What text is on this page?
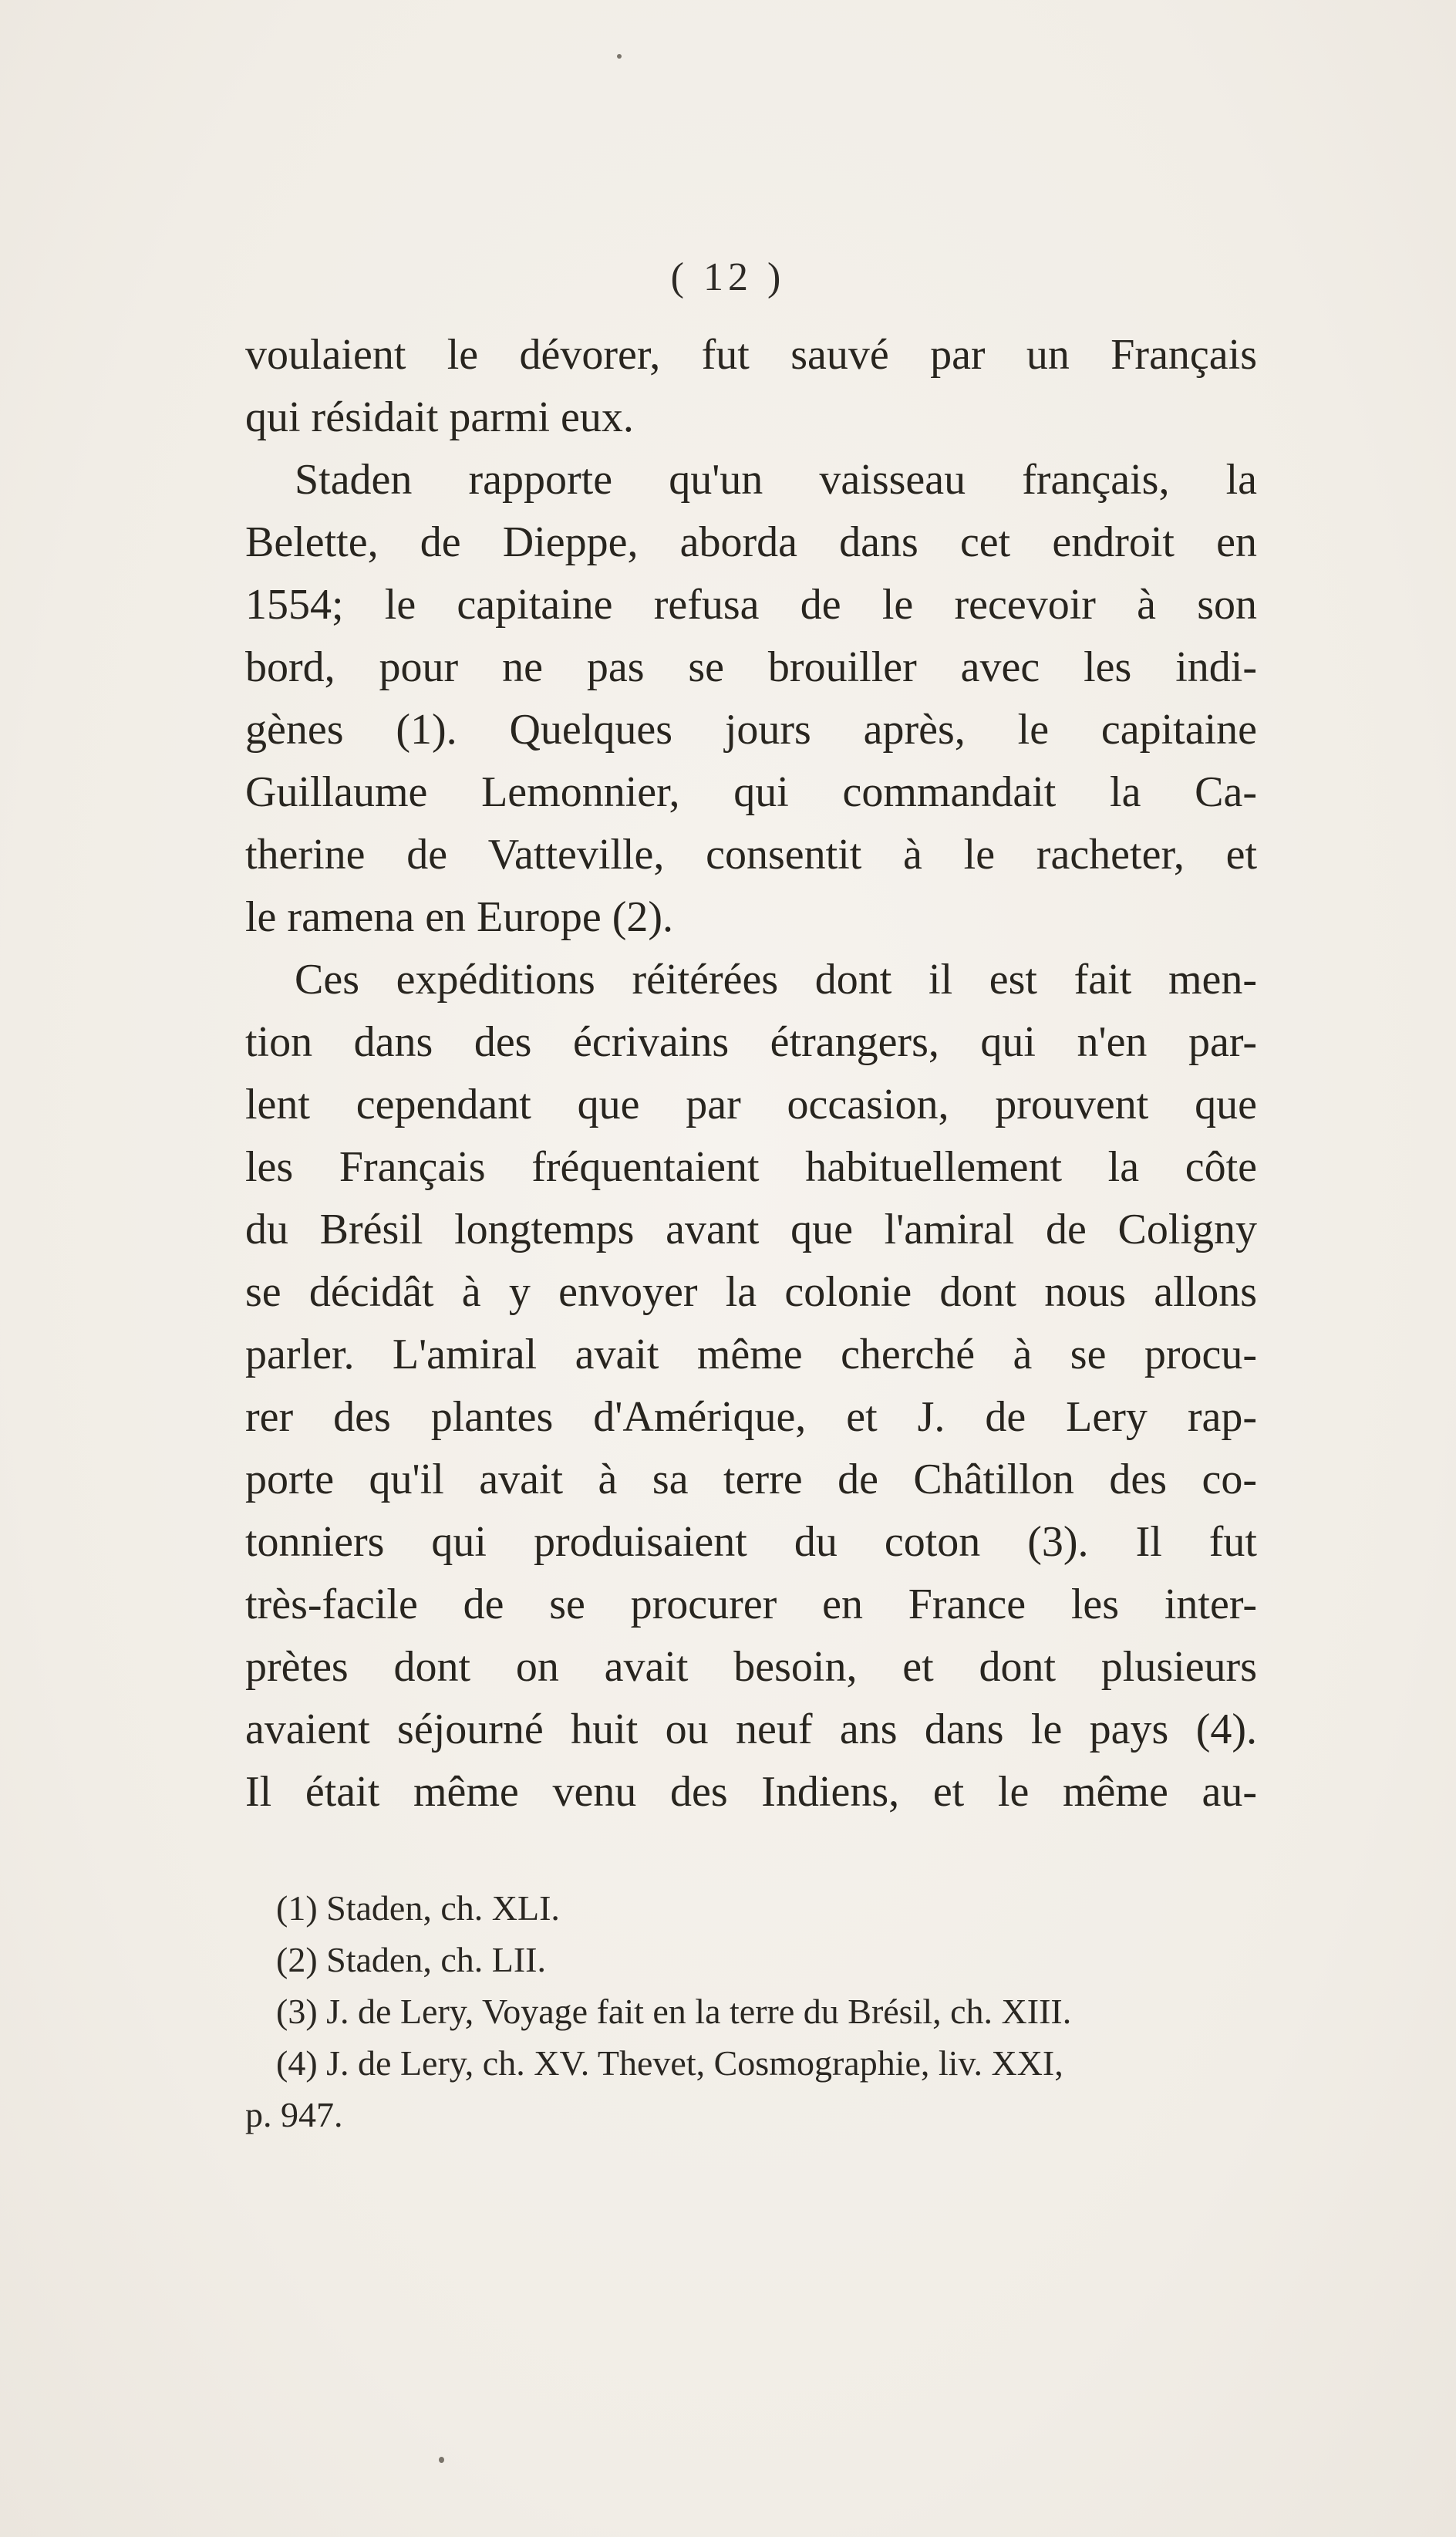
( 12 )
voulaient le dévorer, fut sauvé par un Français
qui résidait parmi eux.
Staden rapporte qu'un vaisseau français, la
Belette, de Dieppe, aborda dans cet endroit en
1554; le capitaine refusa de le recevoir à son
bord, pour ne pas se brouiller avec les indi-
gènes (1). Quelques jours après, le capitaine
Guillaume Lemonnier, qui commandait la Ca-
therine de Vatteville, consentit à le racheter, et
le ramena en Europe (2).
Ces expéditions réitérées dont il est fait men-
tion dans des écrivains étrangers, qui n'en par-
lent cependant que par occasion, prouvent que
les Français fréquentaient habituellement la côte
du Brésil longtemps avant que l'amiral de Coligny
se décidât à y envoyer la colonie dont nous allons
parler. L'amiral avait même cherché à se procu-
rer des plantes d'Amérique, et J. de Lery rap-
porte qu'il avait à sa terre de Châtillon des co-
tonniers qui produisaient du coton (3). Il fut
très-facile de se procurer en France les inter-
prètes dont on avait besoin, et dont plusieurs
avaient séjourné huit ou neuf ans dans le pays (4).
Il était même venu des Indiens, et le même au-
(1) Staden, ch. XLI.
(2) Staden, ch. LII.
(3) J. de Lery, Voyage fait en la terre du Brésil, ch. XIII.
(4) J. de Lery, ch. XV. Thevet, Cosmographie, liv. XXI,
p. 947.
